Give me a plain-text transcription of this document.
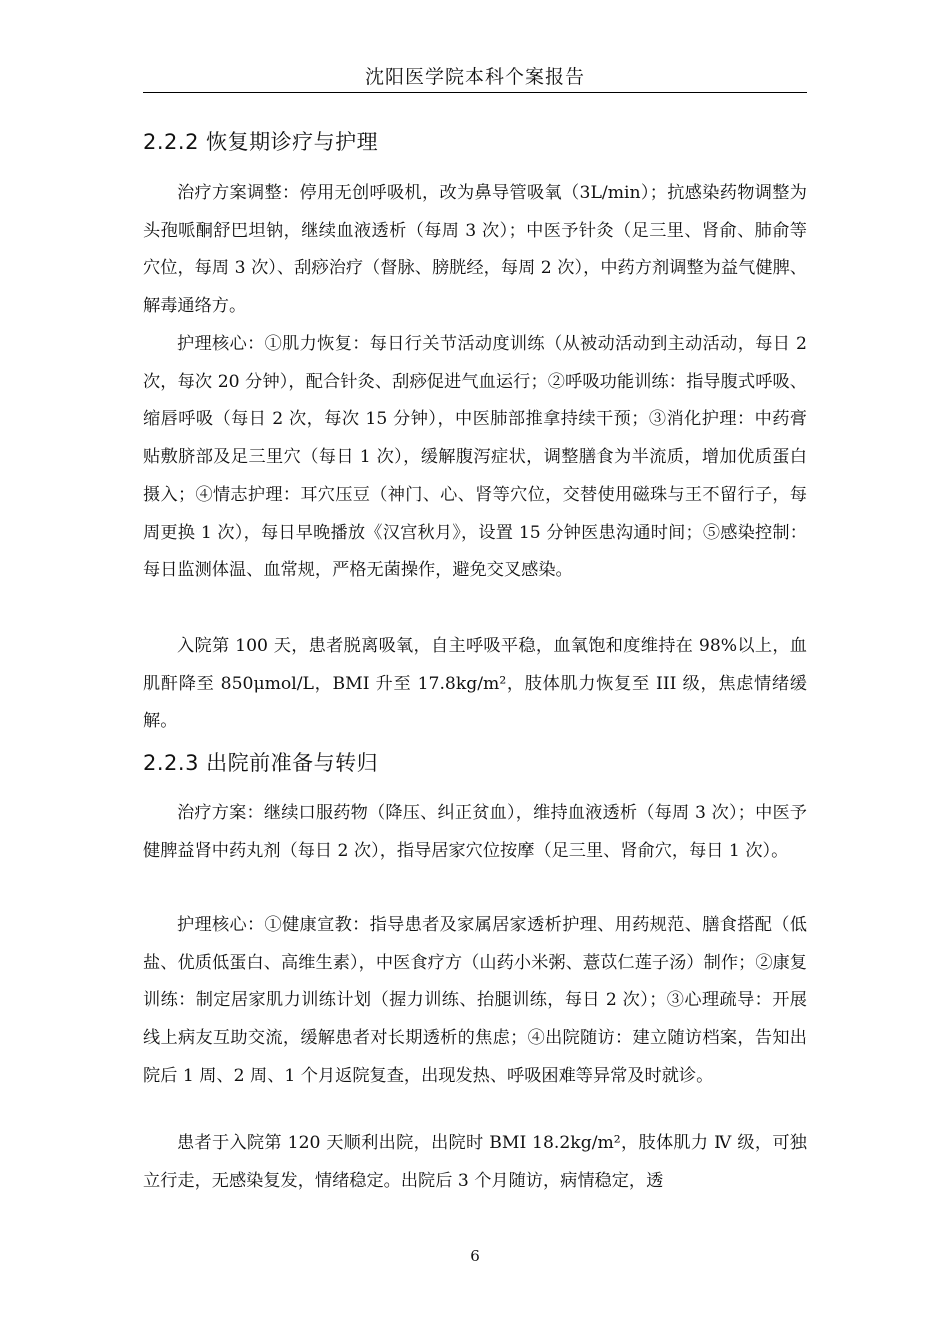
沈阳医学院本科个案报告
2.2.2 恢复期诊疗与护理

治疗方案调整：停用无创呼吸机，改为鼻导管吸氧（3L/min）；抗感染药物调整为头孢哌酮舒巴坦钠，继续血液透析（每周 3 次）；中医予针灸（足三里、肾俞、肺俞等穴位，每周 3 次）、刮痧治疗（督脉、膀胱经，每周 2 次），中药方剂调整为益气健脾、解毒通络方。

护理核心：①肌力恢复：每日行关节活动度训练（从被动活动到主动活动，每日 2 次，每次 20 分钟），配合针灸、刮痧促进气血运行；②呼吸功能训练：指导腹式呼吸、缩唇呼吸（每日 2 次，每次 15 分钟），中医肺部推拿持续干预；③消化护理：中药膏贴敷脐部及足三里穴（每日 1 次），缓解腹泻症状，调整膳食为半流质，增加优质蛋白摄入；④情志护理：耳穴压豆（神门、心、肾等穴位，交替使用磁珠与王不留行子，每周更换 1 次），每日早晚播放《汉宫秋月》，设置 15 分钟医患沟通时间；⑤感染控制：每日监测体温、血常规，严格无菌操作，避免交叉感染。

入院第 100 天，患者脱离吸氧，自主呼吸平稳，血氧饱和度维持在 98%以上，血肌酐降至 850μmol/L，BMI 升至 17.8kg/m²，肢体肌力恢复至 III 级，焦虑情绪缓解。

2.2.3 出院前准备与转归

治疗方案：继续口服药物（降压、纠正贫血），维持血液透析（每周 3 次）；中医予健脾益肾中药丸剂（每日 2 次），指导居家穴位按摩（足三里、肾俞穴，每日 1 次）。

护理核心：①健康宣教：指导患者及家属居家透析护理、用药规范、膳食搭配（低盐、优质低蛋白、高维生素），中医食疗方（山药小米粥、薏苡仁莲子汤）制作；②康复训练：制定居家肌力训练计划（握力训练、抬腿训练，每日 2 次）；③心理疏导：开展线上病友互助交流，缓解患者对长期透析的焦虑；④出院随访：建立随访档案，告知出院后 1 周、2 周、1 个月返院复查，出现发热、呼吸困难等异常及时就诊。

患者于入院第 120 天顺利出院，出院时 BMI 18.2kg/m²，肢体肌力 Ⅳ 级，可独立行走，无感染复发，情绪稳定。出院后 3 个月随访，病情稳定，透

6
